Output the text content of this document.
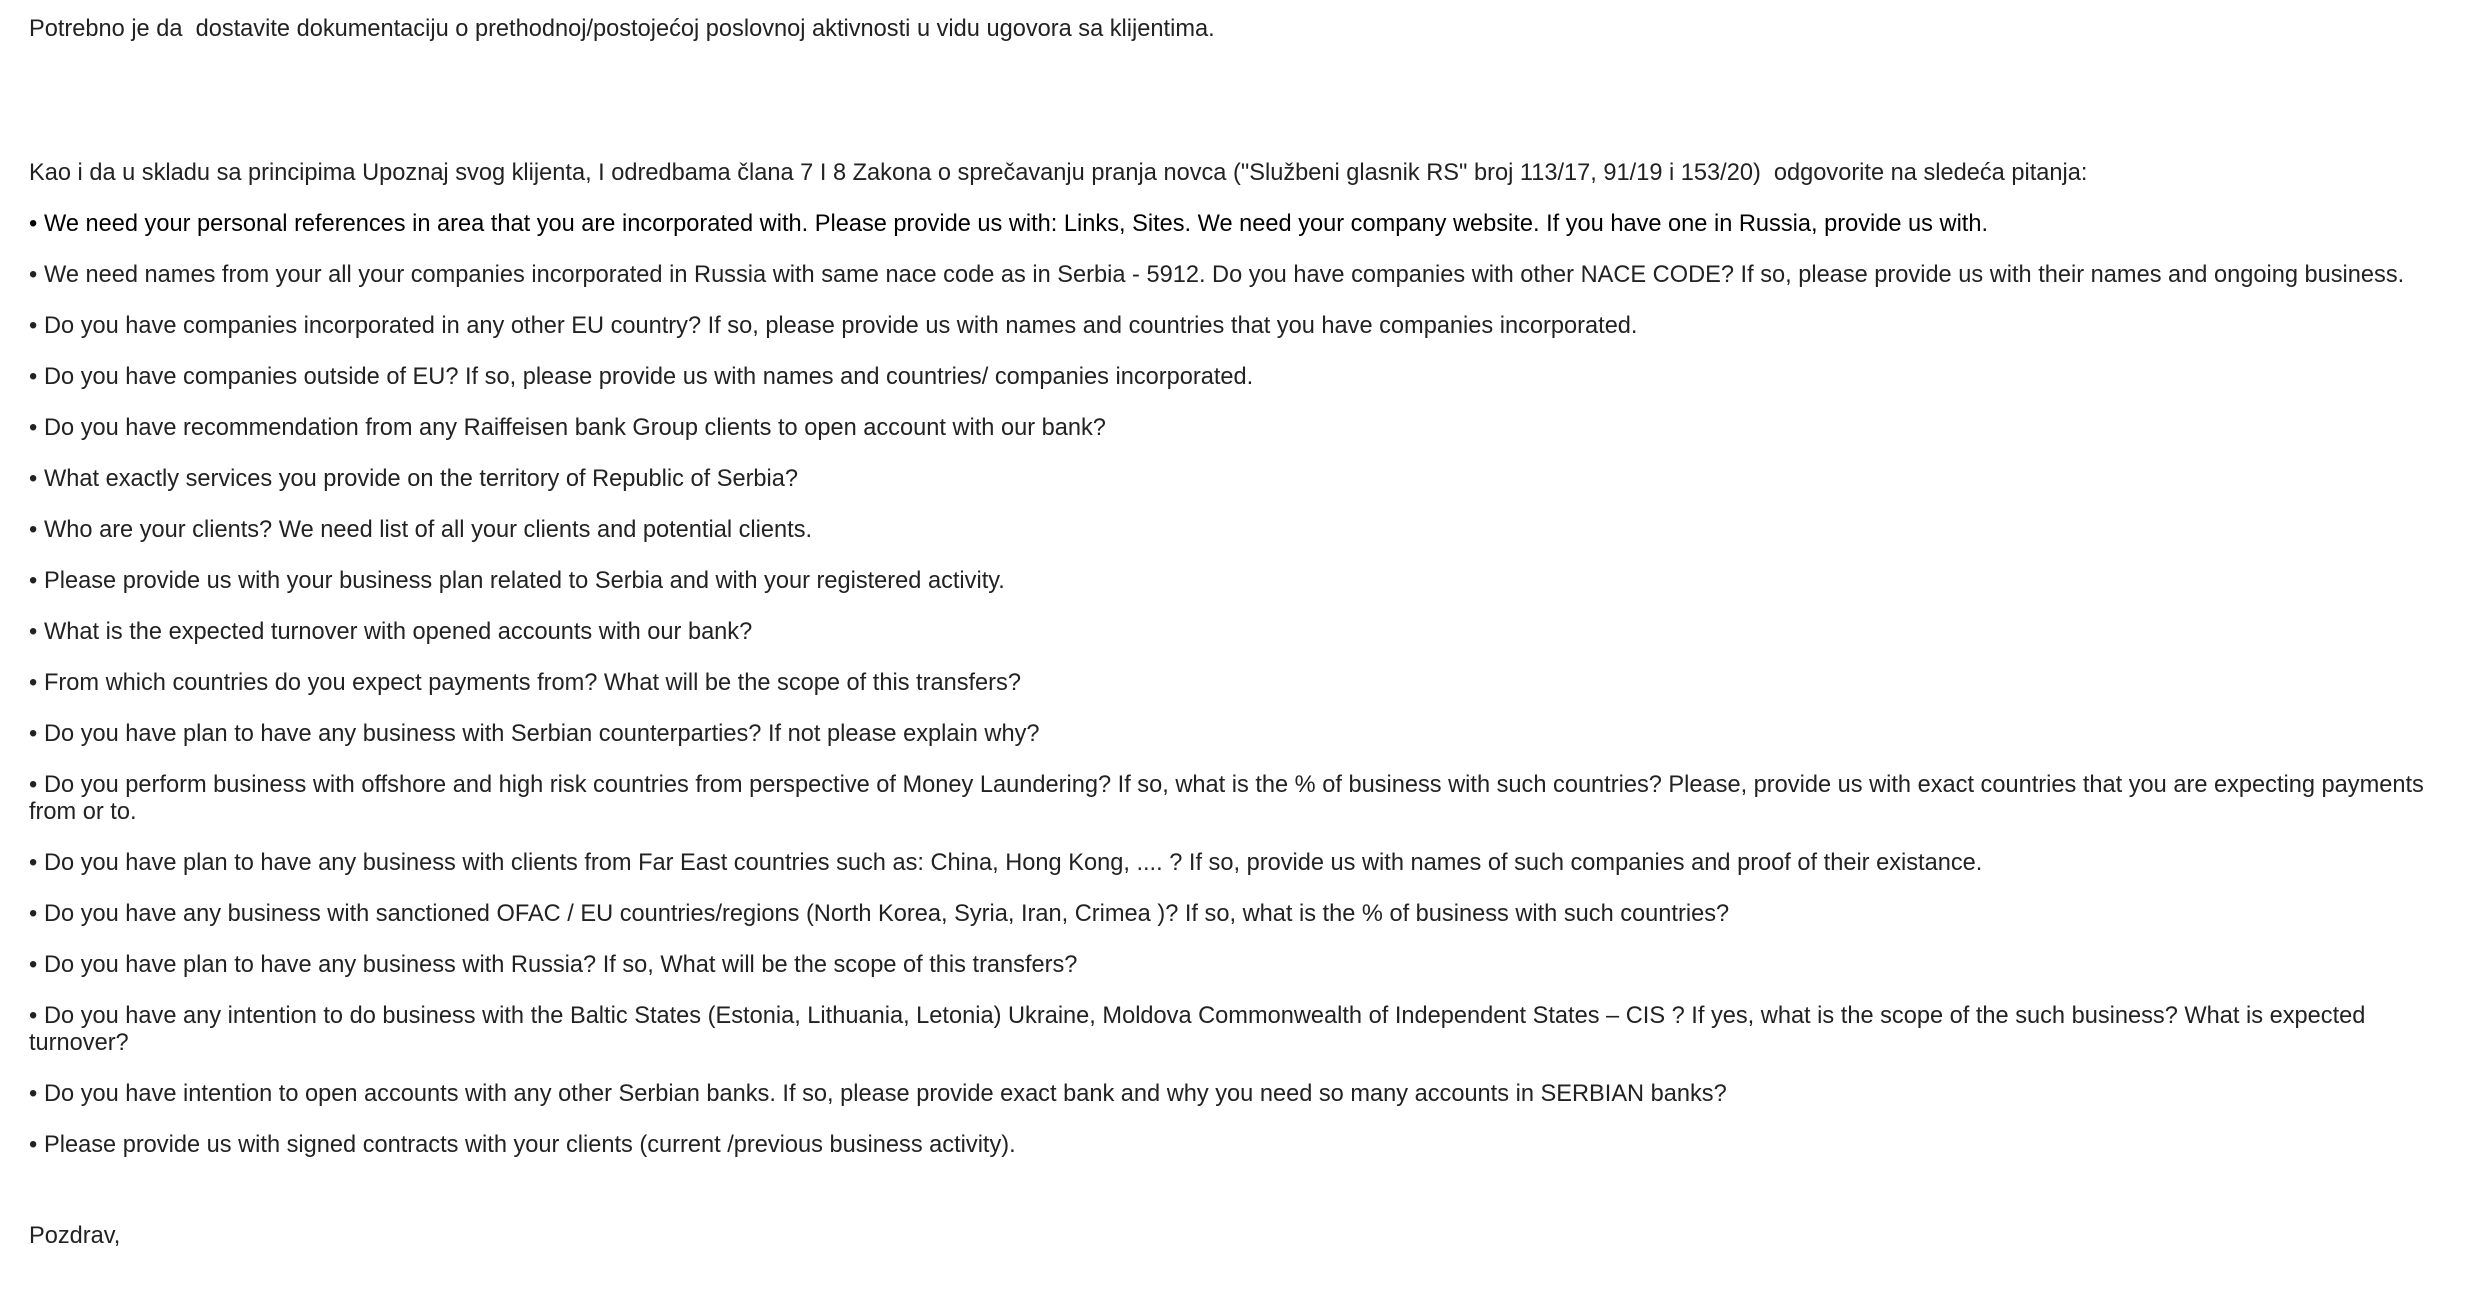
Potrebno je da  dostavite dokumentaciju o prethodnoj/postojećoj poslovnoj aktivnosti u vidu ugovora sa klijentima.

Kao i da u skladu sa principima Upoznaj svog klijenta, I odredbama člana 7 I 8 Zakona o sprečavanju pranja novca ("Službeni glasnik RS" broj 113/17, 91/19 i 153/20)  odgovorite na sledeća pitanja:

• We need your personal references in area that you are incorporated with. Please provide us with: Links, Sites. We need your company website. If you have one in Russia, provide us with.
• We need names from your all your companies incorporated in Russia with same nace code as in Serbia - 5912. Do you have companies with other NACE CODE? If so, please provide us with their names and ongoing business.
• Do you have companies incorporated in any other EU country? If so, please provide us with names and countries that you have companies incorporated.
• Do you have companies outside of EU? If so, please provide us with names and countries/ companies incorporated.
• Do you have recommendation from any Raiffeisen bank Group clients to open account with our bank?
• What exactly services you provide on the territory of Republic of Serbia?
• Who are your clients? We need list of all your clients and potential clients.
• Please provide us with your business plan related to Serbia and with your registered activity.
• What is the expected turnover with opened accounts with our bank?
• From which countries do you expect payments from? What will be the scope of this transfers?
• Do you have plan to have any business with Serbian counterparties? If not please explain why?
• Do you perform business with offshore and high risk countries from perspective of Money Laundering? If so, what is the % of business with such countries? Please, provide us with exact countries that you are expecting payments from or to.
• Do you have plan to have any business with clients from Far East countries such as: China, Hong Kong, .... ? If so, provide us with names of such companies and proof of their existance.
• Do you have any business with sanctioned OFAC / EU countries/regions (North Korea, Syria, Iran, Crimea )? If so, what is the % of business with such countries?
• Do you have plan to have any business with Russia? If so, What will be the scope of this transfers?
• Do you have any intention to do business with the Baltic States (Estonia, Lithuania, Letonia) Ukraine, Moldova Commonwealth of Independent States – CIS ? If yes, what is the scope of the such business? What is expected turnover?
• Do you have intention to open accounts with any other Serbian banks. If so, please provide exact bank and why you need so many accounts in SERBIAN banks?
• Please provide us with signed contracts with your clients (current /previous business activity).

Pozdrav,
